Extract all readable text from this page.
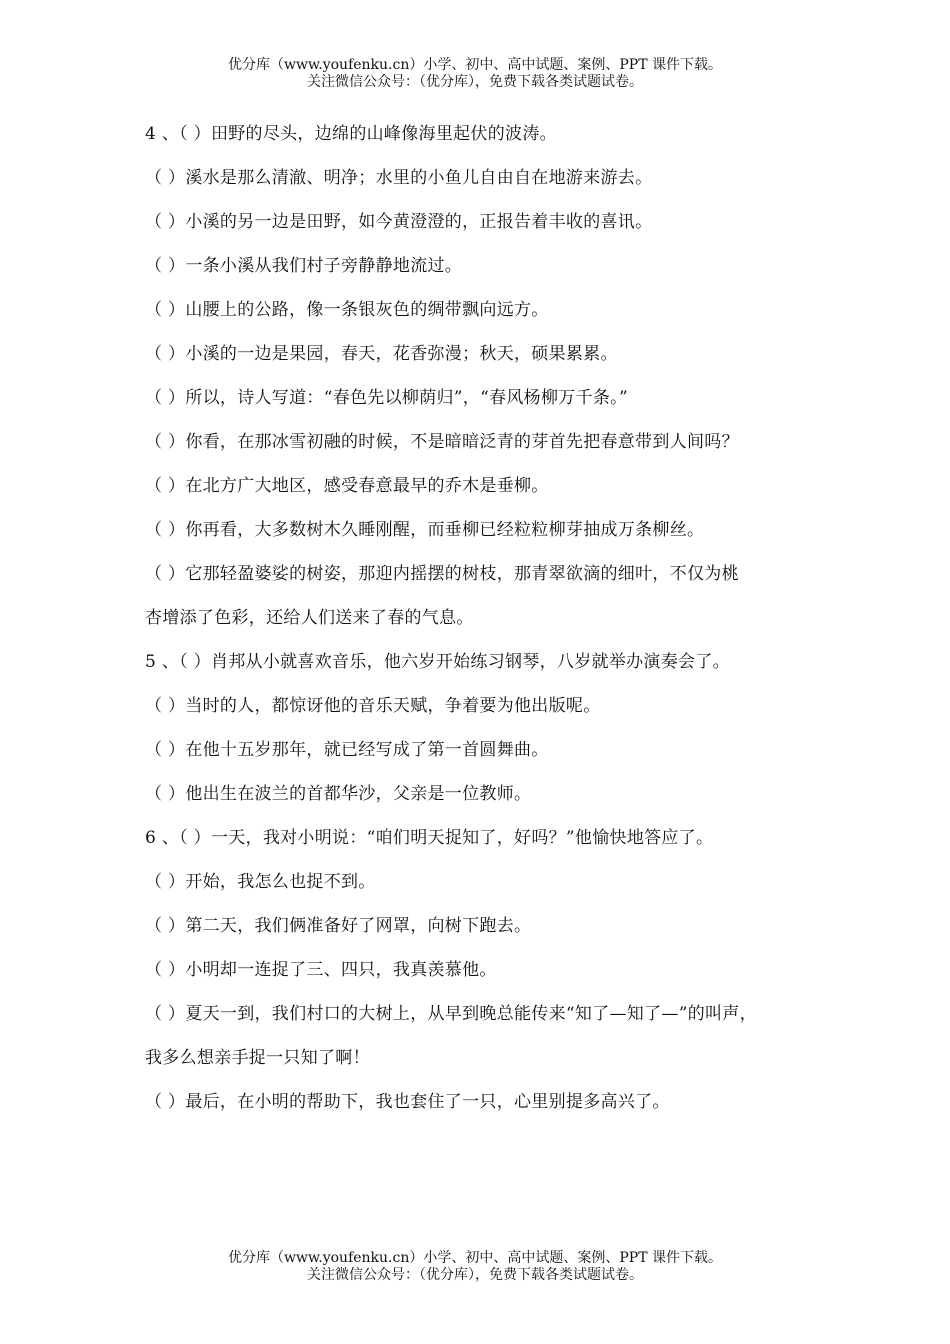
优分库（www.youfenku.cn）小学、初中、高中试题、案例、PPT 课件下载。
关注微信公众号：（优分库），免费下载各类试题试卷。
4 、（ ）田野的尽头，边绵的山峰像海里起伏的波涛。
（ ）溪水是那么清澈、明净；水里的小鱼儿自由自在地游来游去。
（ ）小溪的另一边是田野，如今黄澄澄的，正报告着丰收的喜讯。
（ ）一条小溪从我们村子旁静静地流过。
（ ）山腰上的公路，像一条银灰色的绸带飘向远方。
（ ）小溪的一边是果园，春天，花香弥漫；秋天，硕果累累。
（ ）所以，诗人写道：“春色先以柳荫归”，“春风杨柳万千条。”
（ ）你看，在那冰雪初融的时候，不是暗暗泛青的芽首先把春意带到人间吗？
（ ）在北方广大地区，感受春意最早的乔木是垂柳。
（ ）你再看，大多数树木久睡刚醒，而垂柳已经粒粒柳芽抽成万条柳丝。
（ ）它那轻盈婆娑的树姿，那迎内摇摆的树枝，那青翠欲滴的细叶，不仅为桃
杏增添了色彩，还给人们送来了春的气息。
5 、（ ）肖邦从小就喜欢音乐，他六岁开始练习钢琴，八岁就举办演奏会了。
（ ）当时的人，都惊讶他的音乐天赋，争着要为他出版呢。
（ ）在他十五岁那年，就已经写成了第一首圆舞曲。
（ ）他出生在波兰的首都华沙，父亲是一位教师。
6 、（ ）一天，我对小明说：“咱们明天捉知了，好吗？”他愉快地答应了。
（ ）开始，我怎么也捉不到。
（ ）第二天，我们俩准备好了网罩，向树下跑去。
（ ）小明却一连捉了三、四只，我真羡慕他。
（ ）夏天一到，我们村口的大树上，从早到晚总能传来“知了—知了—”的叫声，
我多么想亲手捉一只知了啊！
（ ）最后，在小明的帮助下，我也套住了一只，心里别提多高兴了。
优分库（www.youfenku.cn）小学、初中、高中试题、案例、PPT 课件下载。
关注微信公众号：（优分库），免费下载各类试题试卷。
